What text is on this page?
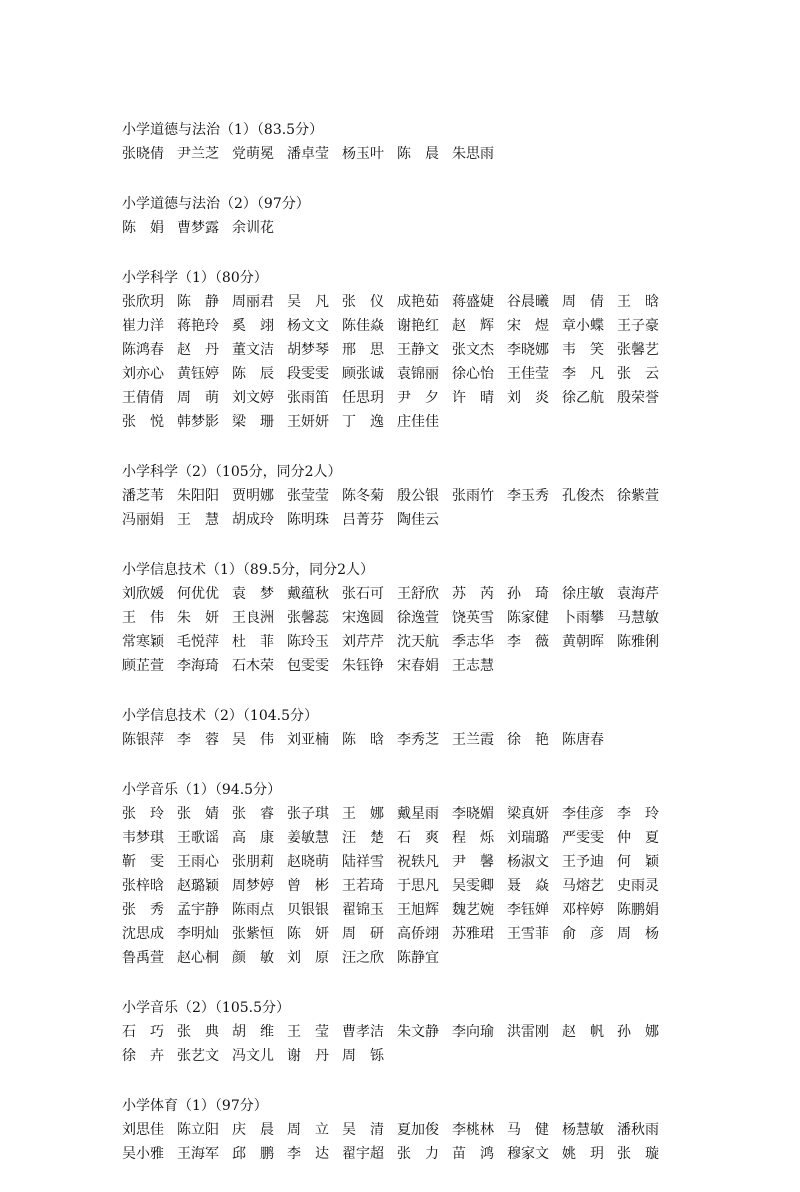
小学道德与法治（1）（83.5分）
张晓倩 尹兰芝 党萌冕 潘卓莹 杨玉叶 陈　晨 朱思雨
小学道德与法治（2）（97分）
陈　娟 曹梦露 余训花
小学科学（1）（80分）
张欣玥 陈　静 周丽君 吴　凡 张　仪 成艳茹 蒋盛婕 谷晨曦 周　倩 王　晗
崔力洋 蒋艳玲 奚　翊 杨文文 陈佳焱 谢艳红 赵　辉 宋　煜 章小蝶 王子豪
陈鸿春 赵　丹 董文洁 胡梦琴 邢　思 王静文 张文杰 李晓娜 韦　笑 张馨艺
刘亦心 黄钰婷 陈　辰 段雯雯 顾张诚 袁锦丽 徐心怡 王佳莹 李　凡 张　云
王倩倩 周　萌 刘文婷 张雨笛 任思玥 尹　夕 许　晴 刘　炎 徐乙航 殷荣誉
张　悦 韩梦影 梁　珊 王妍妍 丁　逸 庄佳佳
小学科学（2）（105分，同分2人）
潘芝苇 朱阳阳 贾明娜 张莹莹 陈冬菊 殷公银 张雨竹 李玉秀 孔俊杰 徐紫萱
冯丽娟 王　慧 胡成玲 陈明珠 吕菁芬 陶佳云
小学信息技术（1）（89.5分，同分2人）
刘欣媛 何优优 袁　梦 戴蕴秋 张石可 王舒欣 苏　芮 孙　琦 徐庄敏 袁海芹
王　伟 朱　妍 王良洲 张馨蕊 宋逸圆 徐逸萱 饶英雪 陈家健 卜雨攀 马慧敏
常寒颖 毛悦萍 杜　菲 陈玲玉 刘芹芹 沈天航 季志华 李　薇 黄朝晖 陈雅俐
顾芷萱 李海琦 石木荣 包雯雯 朱钰铮 宋春娟 王志慧
小学信息技术（2）（104.5分）
陈银萍 李　蓉 吴　伟 刘亚楠 陈　晗 李秀芝 王兰霞 徐　艳 陈唐春
小学音乐（1）（94.5分）
张　玲 张　婧 张　睿 张子琪 王　娜 戴星雨 李晓媚 梁真妍 李佳彦 李　玲
韦梦琪 王歌谣 高　康 姜敏慧 汪　楚 石　爽 程　烁 刘瑞璐 严雯雯 仲　夏
靳　雯 王雨心 张朋莉 赵晓萌 陆祥雪 祝轶凡 尹　馨 杨淑文 王予迪 何　颖
张梓晗 赵璐颖 周梦婷 曾　彬 王若琦 于思凡 吴雯卿 聂　焱 马熔艺 史雨灵
张　秀 孟宇静 陈雨点 贝银银 翟锦玉 王旭辉 魏艺婉 李钰婵 邓梓婷 陈鹏娟
沈思成 李明灿 张紫恒 陈　妍 周　研 高侨翊 苏雅珺 王雪菲 俞　彦 周　杨
鲁禹萱 赵心桐 颜　敏 刘　原 汪之欣 陈静宜
小学音乐（2）（105.5分）
石　巧 张　典 胡　维 王　莹 曹孝洁 朱文静 李向瑜 洪雷刚 赵　帆 孙　娜
徐　卉 张艺文 冯文儿 谢　丹 周　铄
小学体育（1）（97分）
刘思佳 陈立阳 庆　晨 周　立 吴　清 夏加俊 李桃林 马　健 杨慧敏 潘秋雨
吴小雅 王海军 邱　鹏 李　达 翟宇超 张　力 苗　鸿 穆家文 姚　玥 张　璇
